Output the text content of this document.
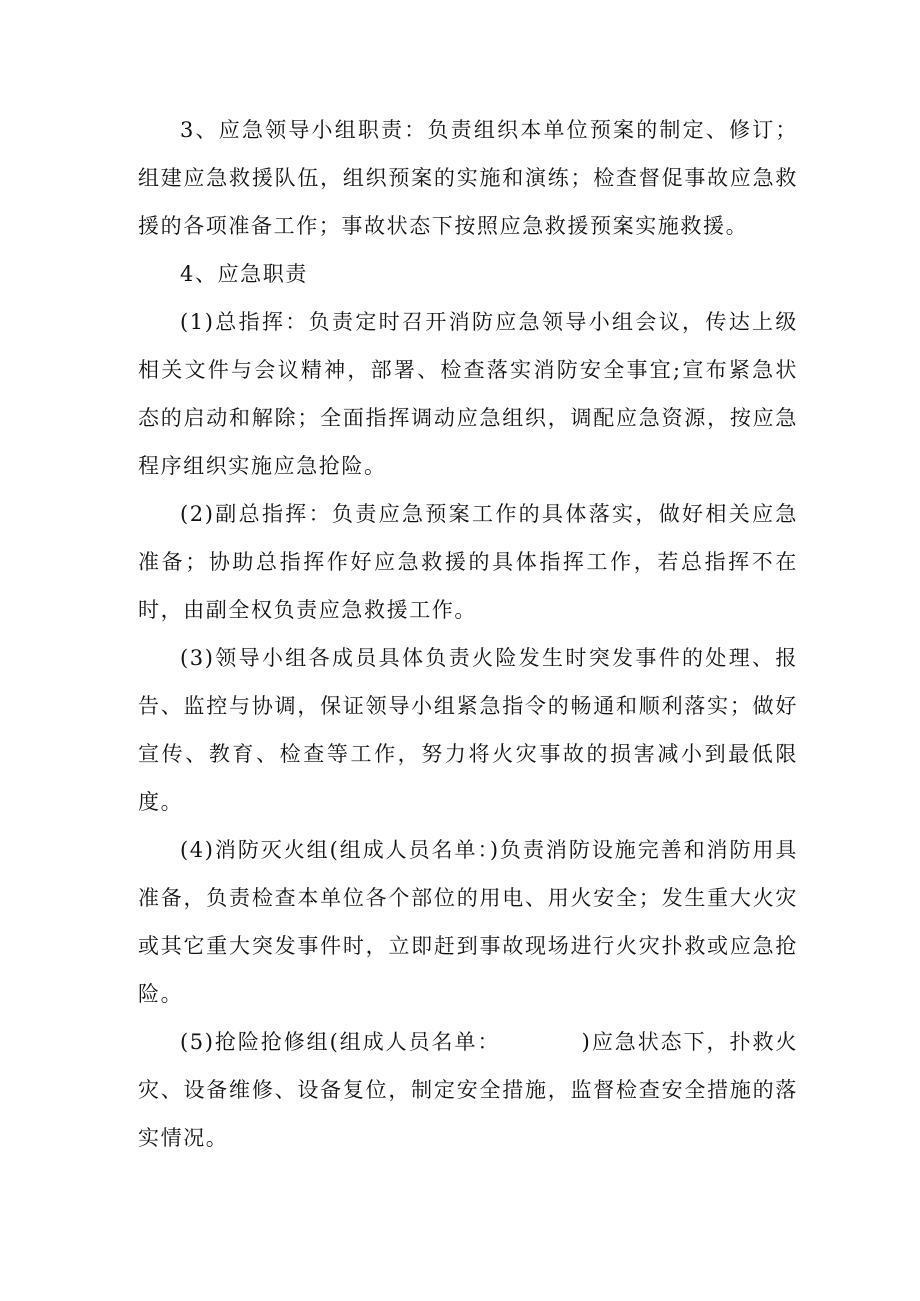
3、应急领导小组职责：负责组织本单位预案的制定、修订；组建应急救援队伍，组织预案的实施和演练；检查督促事故应急救援的各项准备工作；事故状态下按照应急救援预案实施救援。

4、应急职责

(1)总指挥：负责定时召开消防应急领导小组会议，传达上级相关文件与会议精神，部署、检查落实消防安全事宜;宣布紧急状态的启动和解除；全面指挥调动应急组织，调配应急资源，按应急程序组织实施应急抢险。

(2)副总指挥：负责应急预案工作的具体落实，做好相关应急准备；协助总指挥作好应急救援的具体指挥工作，若总指挥不在时，由副全权负责应急救援工作。

(3)领导小组各成员具体负责火险发生时突发事件的处理、报告、监控与协调，保证领导小组紧急指令的畅通和顺利落实；做好宣传、教育、检查等工作，努力将火灾事故的损害减小到最低限度。

(4)消防灭火组(组成人员名单：)负责消防设施完善和消防用具准备，负责检查本单位各个部位的用电、用火安全；发生重大火灾或其它重大突发事件时，立即赶到事故现场进行火灾扑救或应急抢险。

(5)抢险抢修组(组成人员名单：　　　　)应急状态下，扑救火灾、设备维修、设备复位，制定安全措施，监督检查安全措施的落实情况。
